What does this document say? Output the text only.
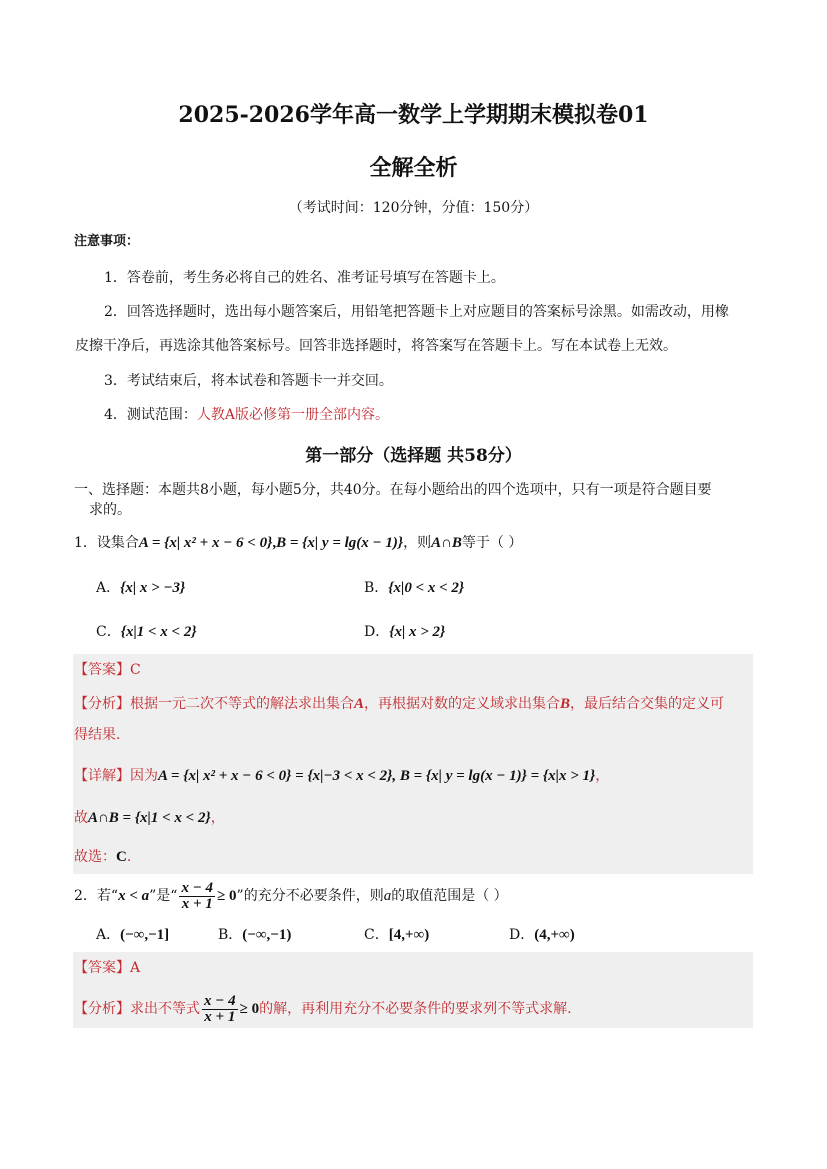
2025-2026学年高一数学上学期期末模拟卷01
全解全析
（考试时间：120分钟，分值：150分）
注意事项：
1．答卷前，考生务必将自己的姓名、准考证号填写在答题卡上。
2．回答选择题时，选出每小题答案后，用铅笔把答题卡上对应题目的答案标号涂黑。如需改动，用橡
皮擦干净后，再选涂其他答案标号。回答非选择题时，将答案写在答题卡上。写在本试卷上无效。
3．考试结束后，将本试卷和答题卡一并交回。
4．测试范围：人教A版必修第一册全部内容。
第一部分（选择题 共58分）
一、选择题：本题共8小题，每小题5分，共40分。在每小题给出的四个选项中，只有一项是符合题目要
求的。
1．设集合A = {x| x² + x − 6 < 0},B = {x| y = lg(x − 1)}，则A∩B等于（ ）
A．{x| x > −3}	B．{x|0 < x < 2}
C．{x|1 < x < 2}	D．{x| x > 2}
【答案】C
【分析】根据一元二次不等式的解法求出集合A，再根据对数的定义域求出集合B，最后结合交集的定义可
得结果.
【详解】因为A = {x| x² + x − 6 < 0} = {x|−3 < x < 2}, B = {x| y = lg(x − 1)} = {x|x > 1}，
故A∩B = {x|1 < x < 2}，
故选：C.
2．若“x < a”是“ $\frac{x - 4}{x + 1} \ge 0$”的充分不必要条件，则a的取值范围是（ ）
A．(−∞,−1]	B．(−∞,−1)	C．[4,+∞)	D．(4,+∞)
【答案】A
【分析】求出不等式 $\frac{x - 4}{x + 1} \ge 0$的解，再利用充分不必要条件的要求列不等式求解.
